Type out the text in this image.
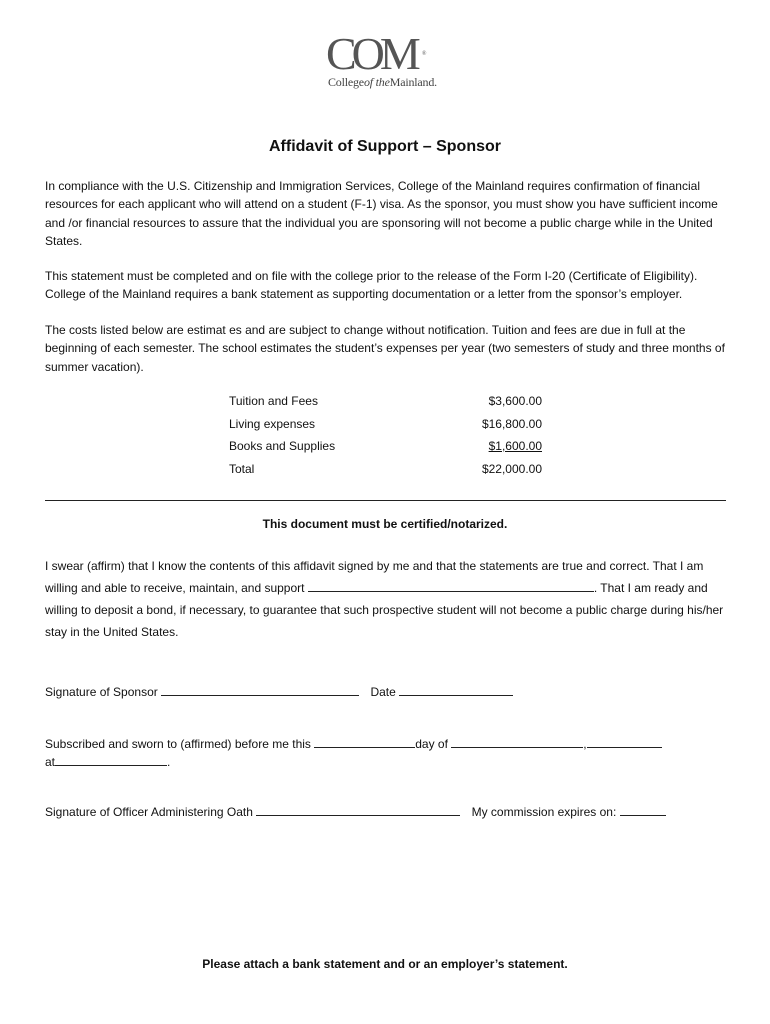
COM ®
Collegeof theMainland.
Affidavit of Support – Sponsor
In compliance with the U.S. Citizenship and Immigration Services, College of the Mainland requires confirmation of financial resources for each applicant who will attend on a student (F-1) visa. As the sponsor, you must show you have sufficient income and /or financial resources to assure that the individual you are sponsoring will not become a public charge while in the United States.
This statement must be completed and on file with the college prior to the release of the Form I-20 (Certificate of Eligibility). College of the Mainland requires a bank statement as supporting documentation or a letter from the sponsor’s employer.
The costs listed below are estimat es and are subject to change without notification. Tuition and fees are due in full at the beginning of each semester. The school estimates the student’s expenses per year (two semesters of study and three months of summer vacation).
Tuition and Fees	$3,600.00
Living expenses	$16,800.00
Books and Supplies	$1,600.00
Total	$22,000.00
This document must be certified/notarized.
I swear (affirm) that I know the contents of this affidavit signed by me and that the statements are true and correct. That I am willing and able to receive, maintain, and support	. That I am ready and willing to deposit a bond, if necessary, to guarantee that such prospective student will not become a public charge during his/her stay in the United States.
Signature of Sponsor	Date
Subscribed and sworn to (affirmed) before me this	day of	,
at	.
Signature of Officer Administering Oath	My commission expires on:
Please attach a bank statement and or an employer’s statement.
